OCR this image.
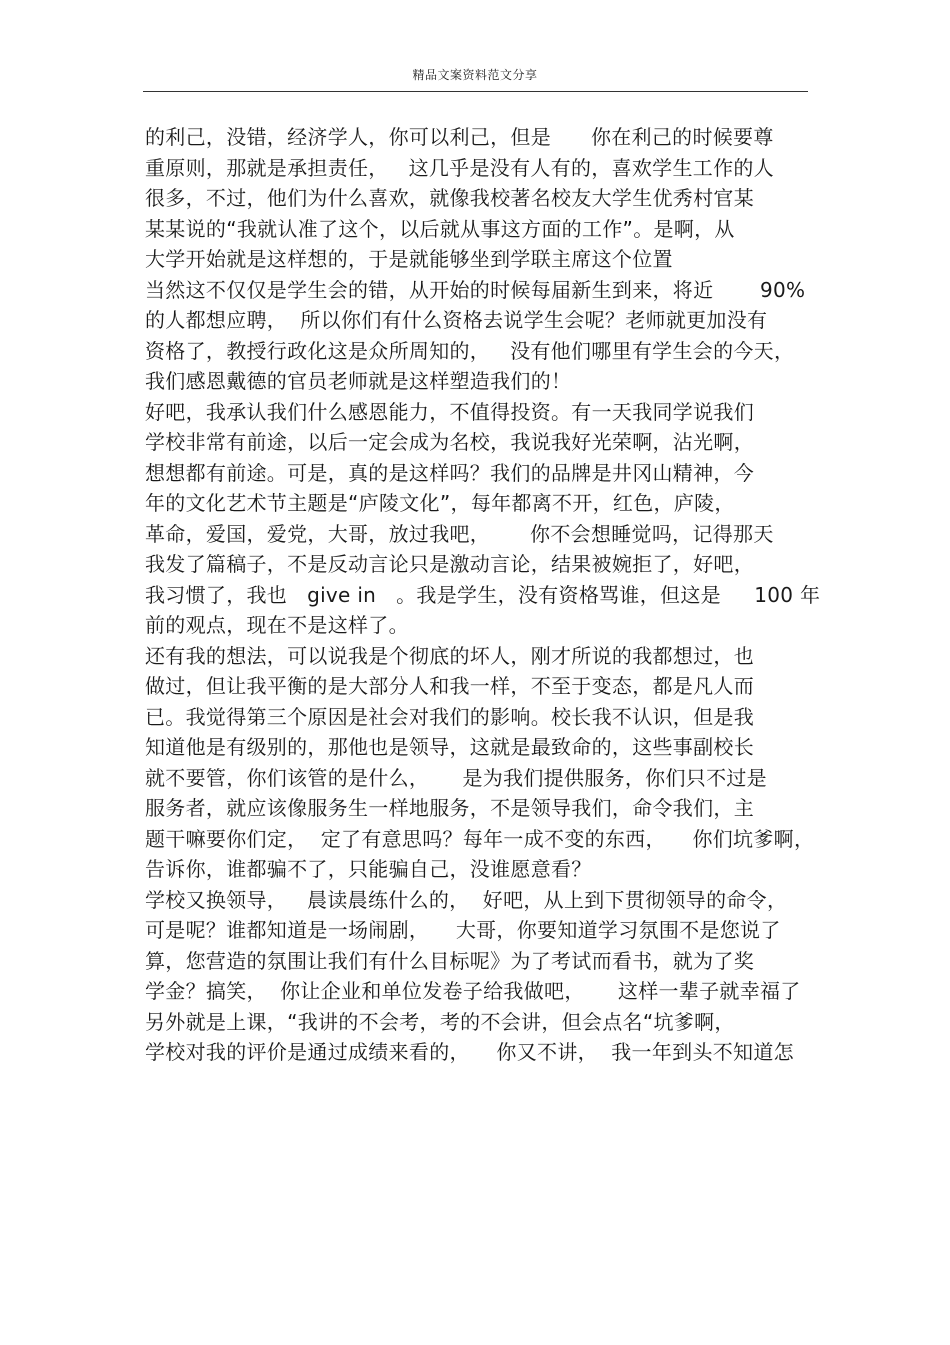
精品文案资料范文分享
的利己，没错，经济学人，你可以利己，但是      你在利己的时候要尊
重原则，那就是承担责任，   这几乎是没有人有的，喜欢学生工作的人
很多，不过，他们为什么喜欢，就像我校著名校友大学生优秀村官某
某某说的“我就认准了这个，以后就从事这方面的工作”。是啊，从
大学开始就是这样想的，于是就能够坐到学联主席这个位置
当然这不仅仅是学生会的错，从开始的时候每届新生到来，将近       90%
的人都想应聘，  所以你们有什么资格去说学生会呢？老师就更加没有
资格了，教授行政化这是众所周知的，   没有他们哪里有学生会的今天，
我们感恩戴德的官员老师就是这样塑造我们的！
好吧，我承认我们什么感恩能力，不值得投资。有一天我同学说我们
学校非常有前途，以后一定会成为名校，我说我好光荣啊，沾光啊，
想想都有前途。可是，真的是这样吗？我们的品牌是井冈山精神，今
年的文化艺术节主题是“庐陵文化”，每年都离不开，红色，庐陵，
革命，爱国，爱党，大哥，放过我吧，      你不会想睡觉吗，记得那天
我发了篇稿子，不是反动言论只是激动言论，结果被婉拒了，好吧，
我习惯了，我也   give in   。我是学生，没有资格骂谁，但这是     100 年
前的观点，现在不是这样了。
还有我的想法，可以说我是个彻底的坏人，刚才所说的我都想过，也
做过，但让我平衡的是大部分人和我一样，不至于变态，都是凡人而
已。我觉得第三个原因是社会对我们的影响。校长我不认识，但是我
知道他是有级别的，那他也是领导，这就是最致命的，这些事副校长
就不要管，你们该管的是什么，     是为我们提供服务，你们只不过是
服务者，就应该像服务生一样地服务，不是领导我们，命令我们，主
题干嘛要你们定，  定了有意思吗？每年一成不变的东西，    你们坑爹啊，
告诉你，谁都骗不了，只能骗自己，没谁愿意看？
学校又换领导，   晨读晨练什么的，  好吧，从上到下贯彻领导的命令，
可是呢？谁都知道是一场闹剧，    大哥，你要知道学习氛围不是您说了
算，您营造的氛围让我们有什么目标呢》为了考试而看书，就为了奖
学金？搞笑，  你让企业和单位发卷子给我做吧，     这样一辈子就幸福了
另外就是上课，“我讲的不会考，考的不会讲，但会点名“坑爹啊，
学校对我的评价是通过成绩来看的，    你又不讲，  我一年到头不知道怎
